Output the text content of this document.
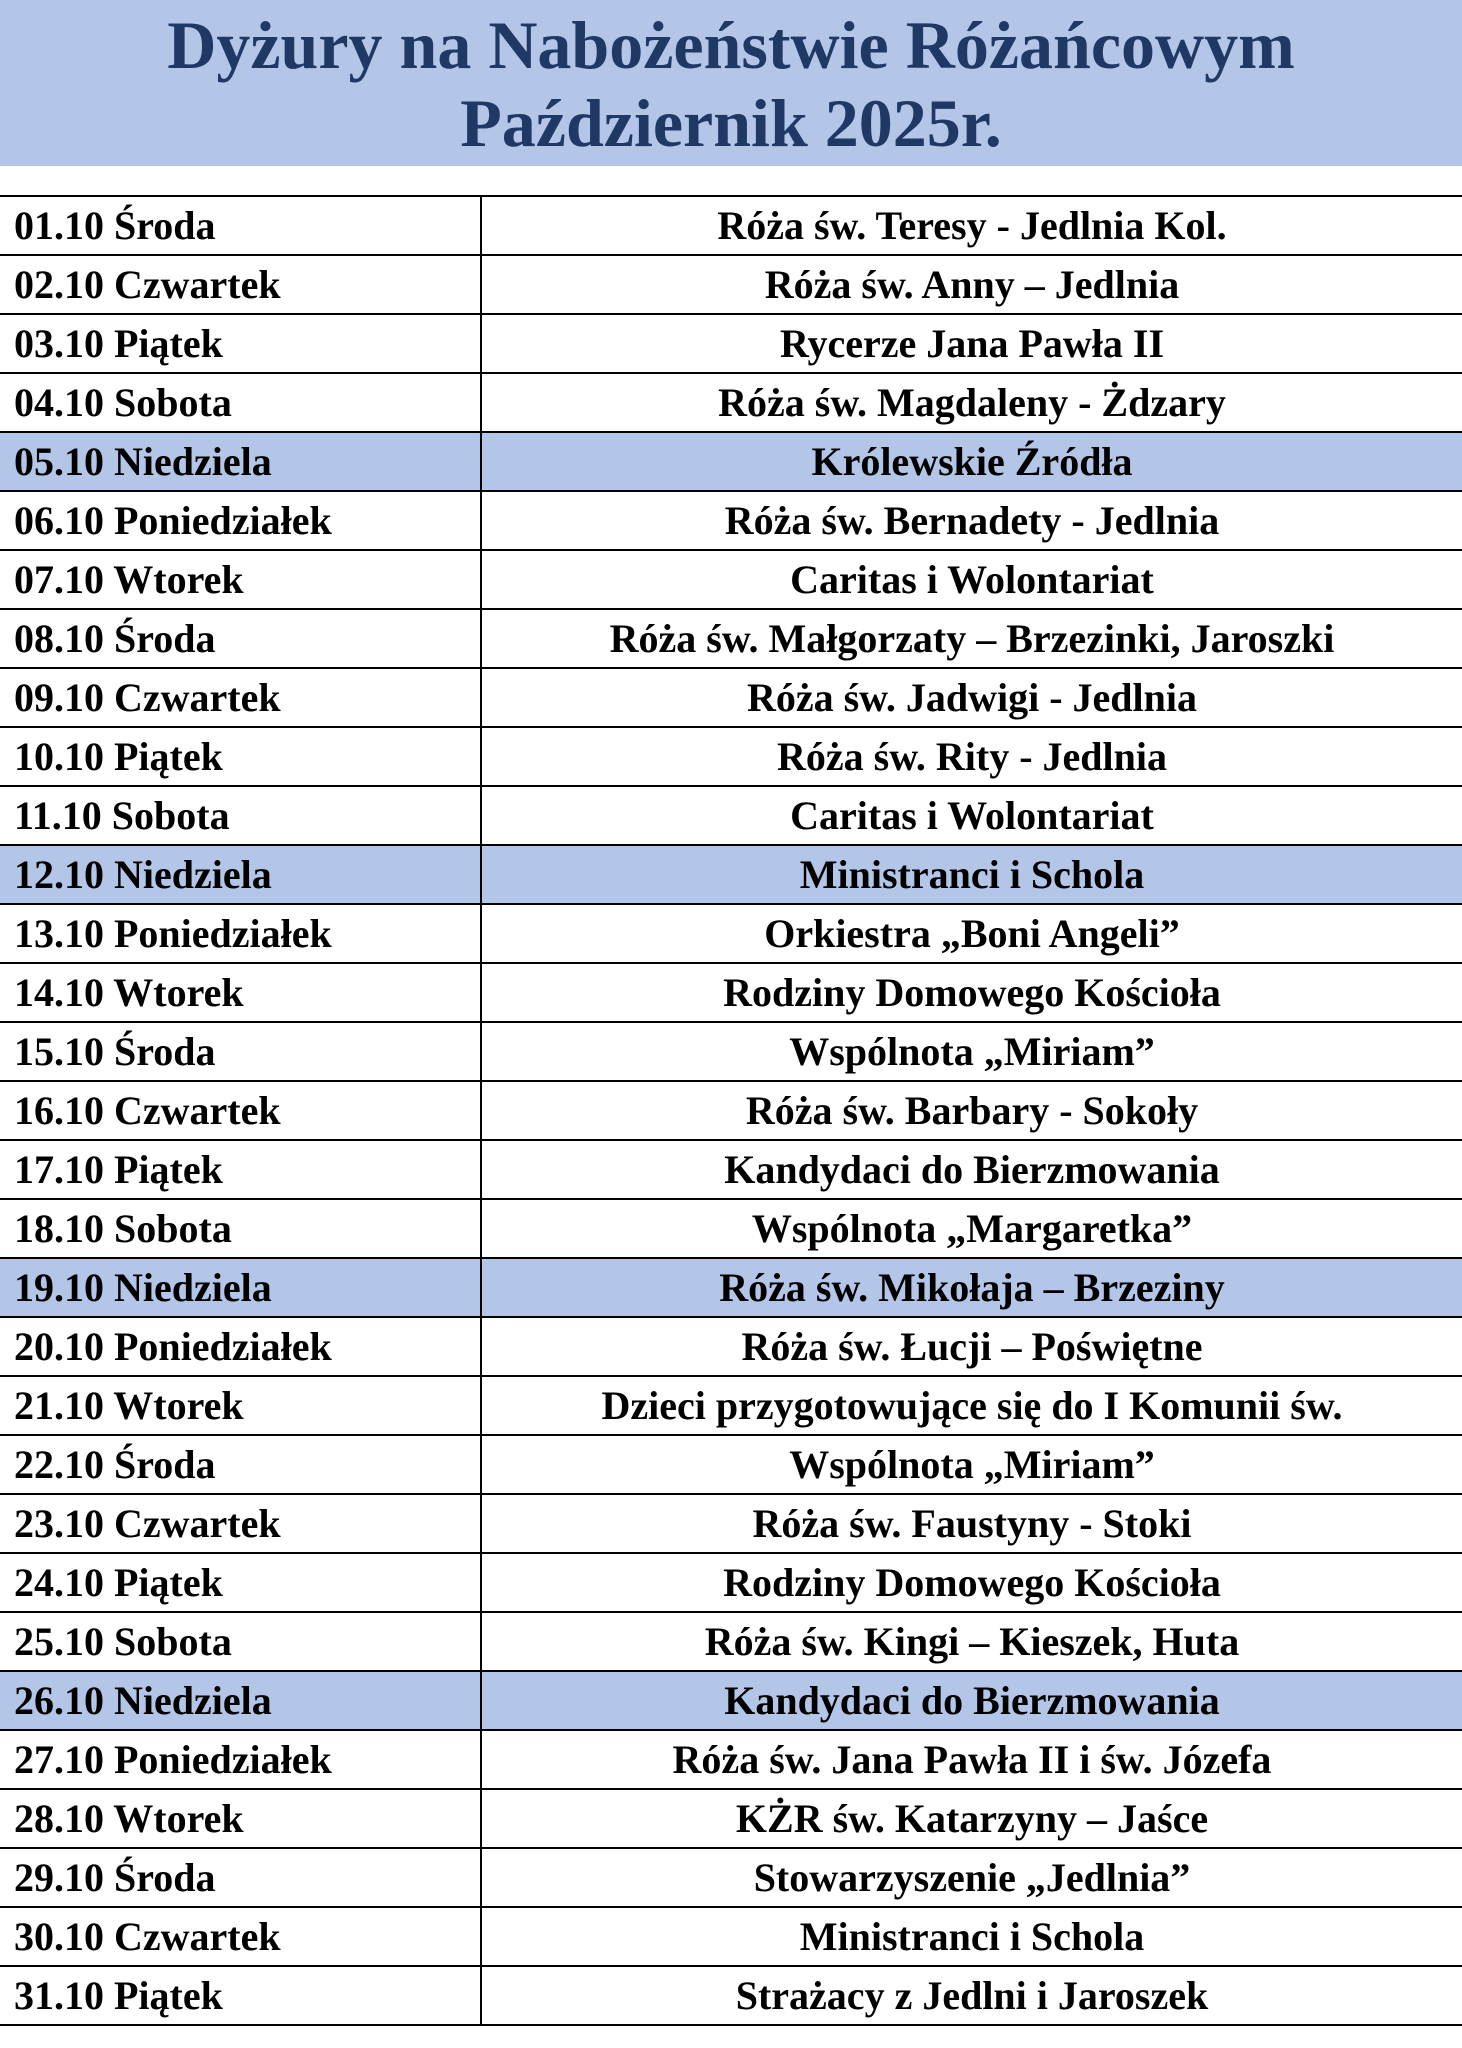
Dyżury na Nabożeństwie Różańcowym
Październik 2025r.
01.10 Środa	Róża św. Teresy - Jedlnia Kol.
02.10 Czwartek	Róża św. Anny – Jedlnia
03.10 Piątek	Rycerze Jana Pawła II
04.10 Sobota	Róża św. Magdaleny - Żdzary
05.10 Niedziela	Królewskie Źródła
06.10 Poniedziałek	Róża św. Bernadety - Jedlnia
07.10 Wtorek	Caritas i Wolontariat
08.10 Środa	Róża św. Małgorzaty – Brzezinki, Jaroszki
09.10 Czwartek	Róża św. Jadwigi - Jedlnia
10.10 Piątek	Róża św. Rity - Jedlnia
11.10 Sobota	Caritas i Wolontariat
12.10 Niedziela	Ministranci i Schola
13.10 Poniedziałek	Orkiestra „Boni Angeli”
14.10 Wtorek	Rodziny Domowego Kościoła
15.10 Środa	Wspólnota „Miriam”
16.10 Czwartek	Róża św. Barbary - Sokoły
17.10 Piątek	Kandydaci do Bierzmowania
18.10 Sobota	Wspólnota „Margaretka”
19.10 Niedziela	Róża św. Mikołaja – Brzeziny
20.10 Poniedziałek	Róża św. Łucji – Poświętne
21.10 Wtorek	Dzieci przygotowujące się do I Komunii św.
22.10 Środa	Wspólnota „Miriam”
23.10 Czwartek	Róża św. Faustyny - Stoki
24.10 Piątek	Rodziny Domowego Kościoła
25.10 Sobota	Róża św. Kingi – Kieszek, Huta
26.10 Niedziela	Kandydaci do Bierzmowania
27.10 Poniedziałek	Róża św. Jana Pawła II i św. Józefa
28.10 Wtorek	KŻR św. Katarzyny – Jaśce
29.10 Środa	Stowarzyszenie „Jedlnia”
30.10 Czwartek	Ministranci i Schola
31.10 Piątek	Strażacy z Jedlni i Jaroszek
